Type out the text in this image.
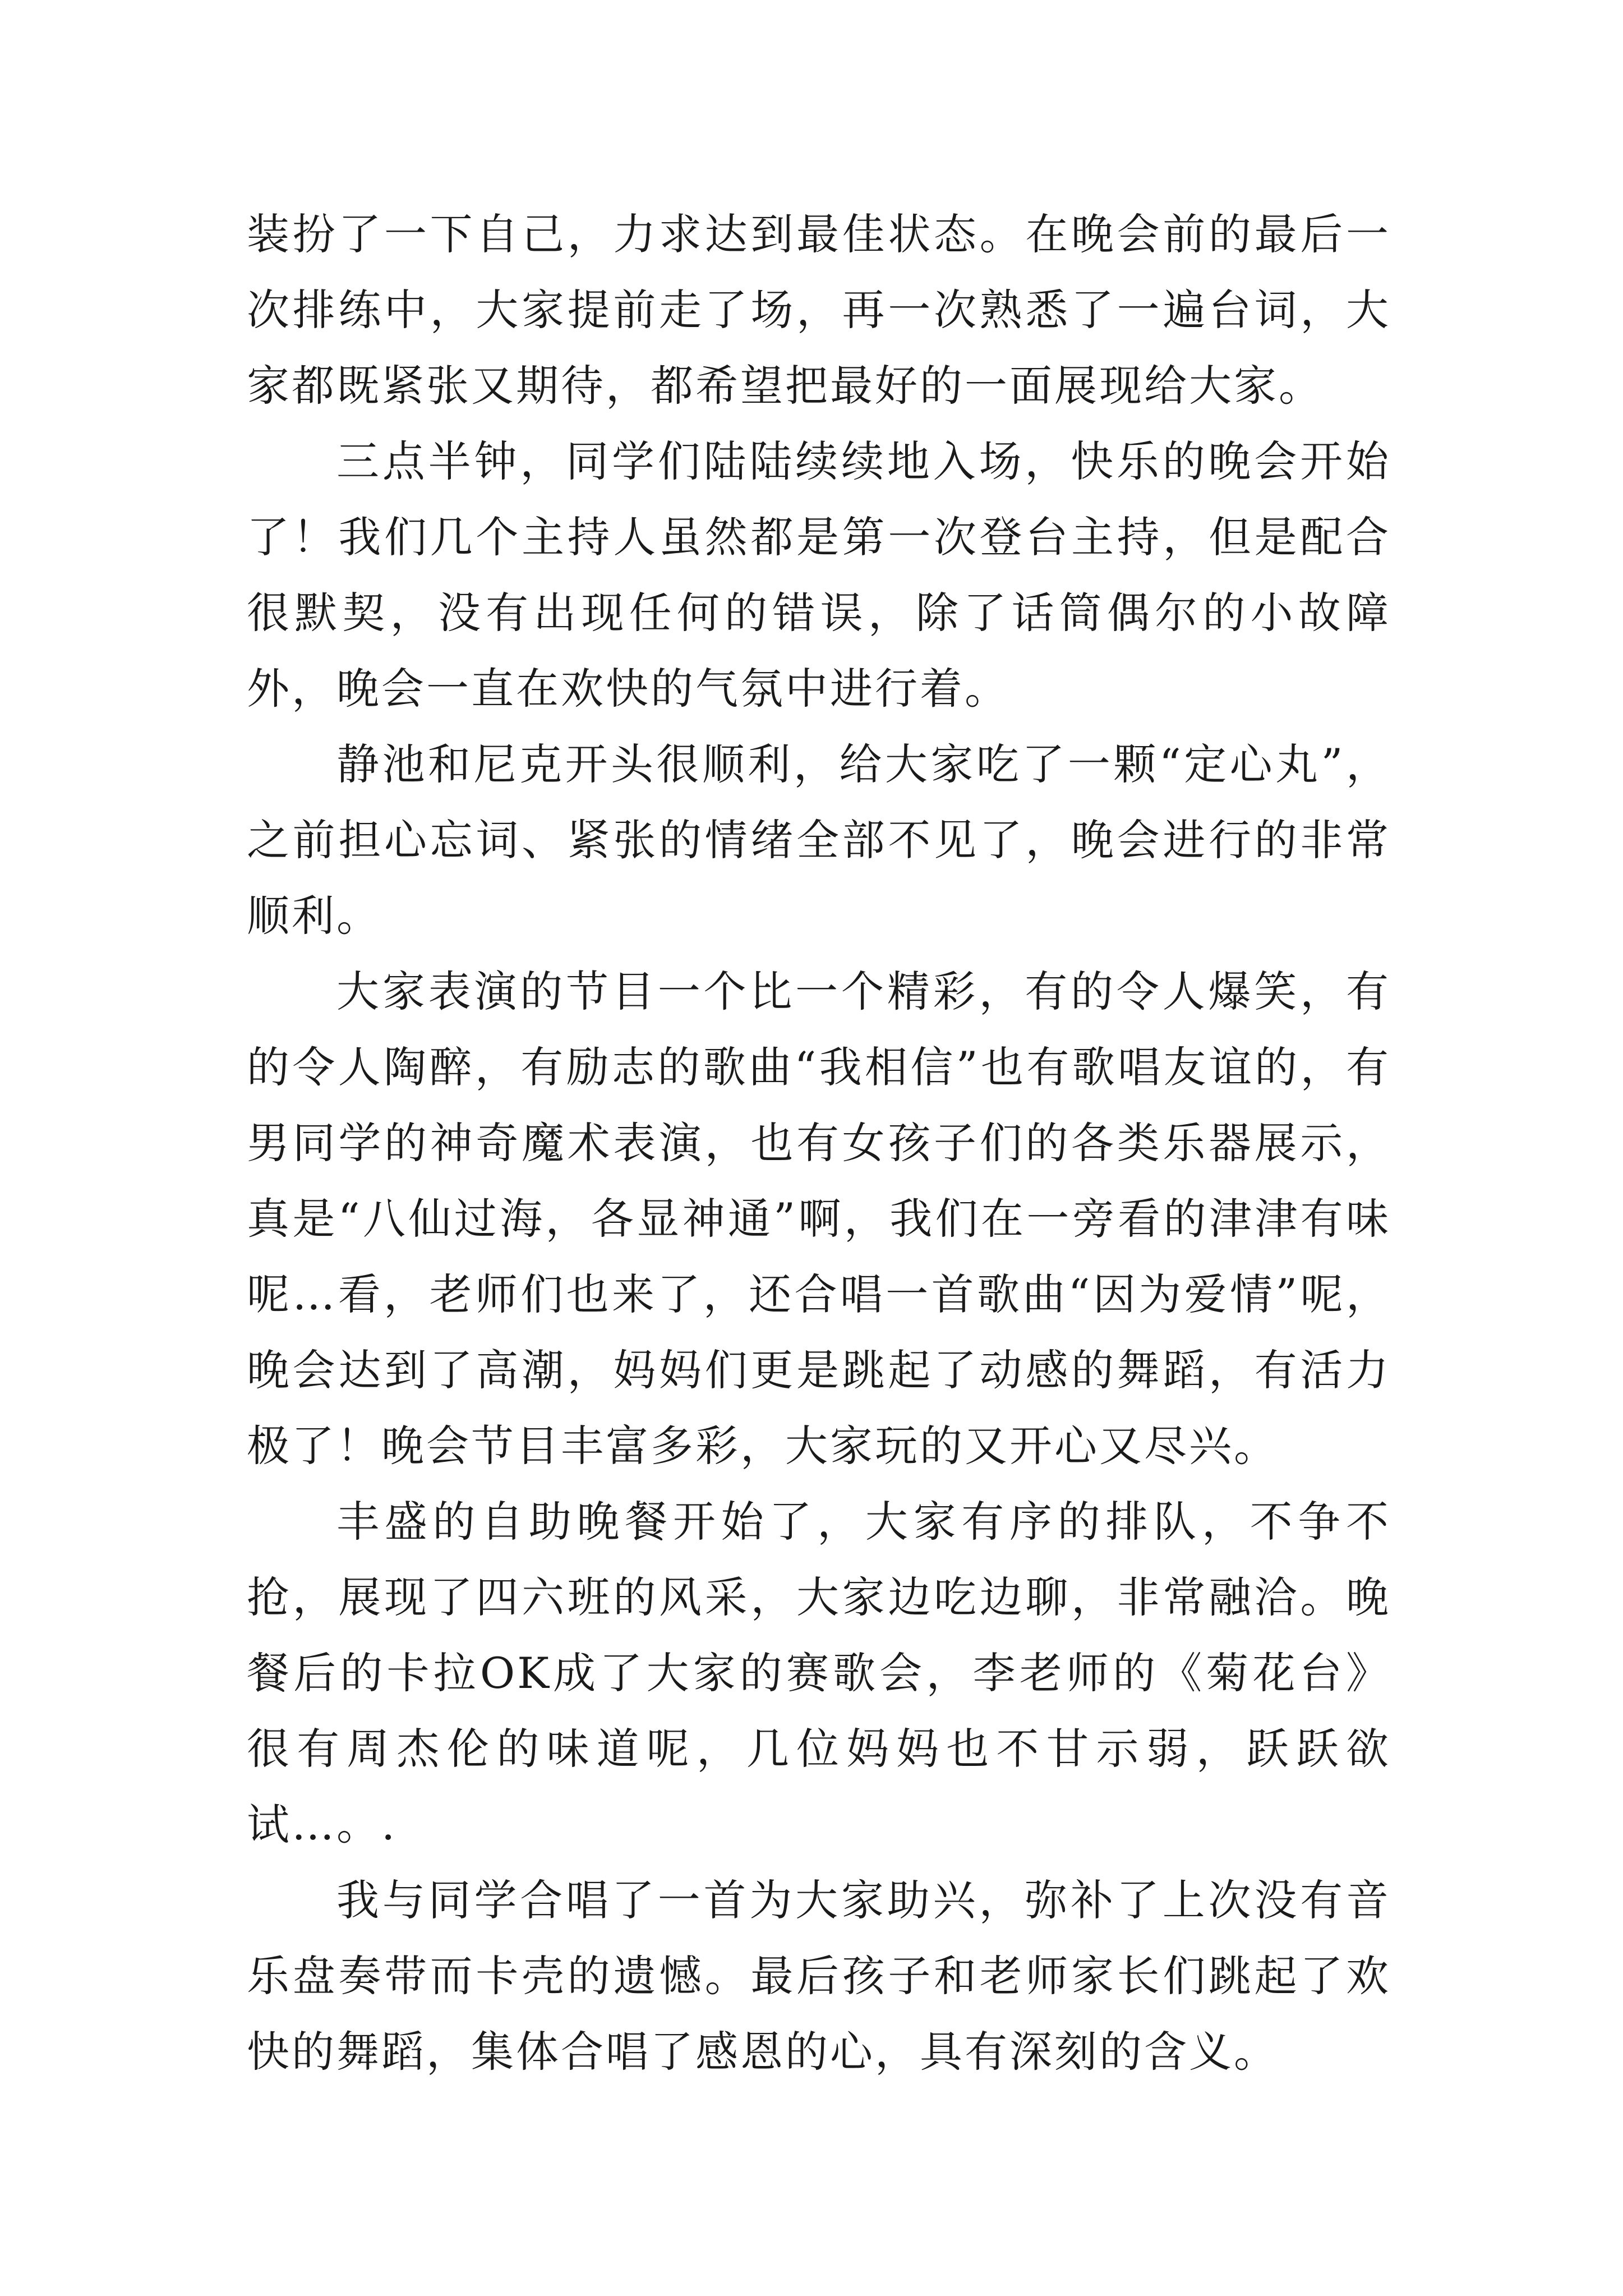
装扮了一下自己，力求达到最佳状态。在晚会前的最后一次排练中，大家提前走了场，再一次熟悉了一遍台词，大家都既紧张又期待，都希望把最好的一面展现给大家。

三点半钟，同学们陆陆续续地入场，快乐的晚会开始了！我们几个主持人虽然都是第一次登台主持，但是配合很默契，没有出现任何的错误，除了话筒偶尔的小故障外，晚会一直在欢快的气氛中进行着。

静池和尼克开头很顺利，给大家吃了一颗“定心丸”，之前担心忘词、紧张的情绪全部不见了，晚会进行的非常顺利。

大家表演的节目一个比一个精彩，有的令人爆笑，有的令人陶醉，有励志的歌曲“我相信”也有歌唱友谊的，有男同学的神奇魔术表演，也有女孩子们的各类乐器展示，真是“八仙过海，各显神通”啊，我们在一旁看的津津有味呢…看，老师们也来了，还合唱一首歌曲“因为爱情”呢，晚会达到了高潮，妈妈们更是跳起了动感的舞蹈，有活力极了！晚会节目丰富多彩，大家玩的又开心又尽兴。

丰盛的自助晚餐开始了，大家有序的排队，不争不抢，展现了四六班的风采，大家边吃边聊，非常融洽。晚餐后的卡拉OK成了大家的赛歌会，李老师的《菊花台》很有周杰伦的味道呢，几位妈妈也不甘示弱，跃跃欲试…。.

我与同学合唱了一首为大家助兴，弥补了上次没有音乐盘奏带而卡壳的遗憾。最后孩子和老师家长们跳起了欢快的舞蹈，集体合唱了感恩的心，具有深刻的含义。
